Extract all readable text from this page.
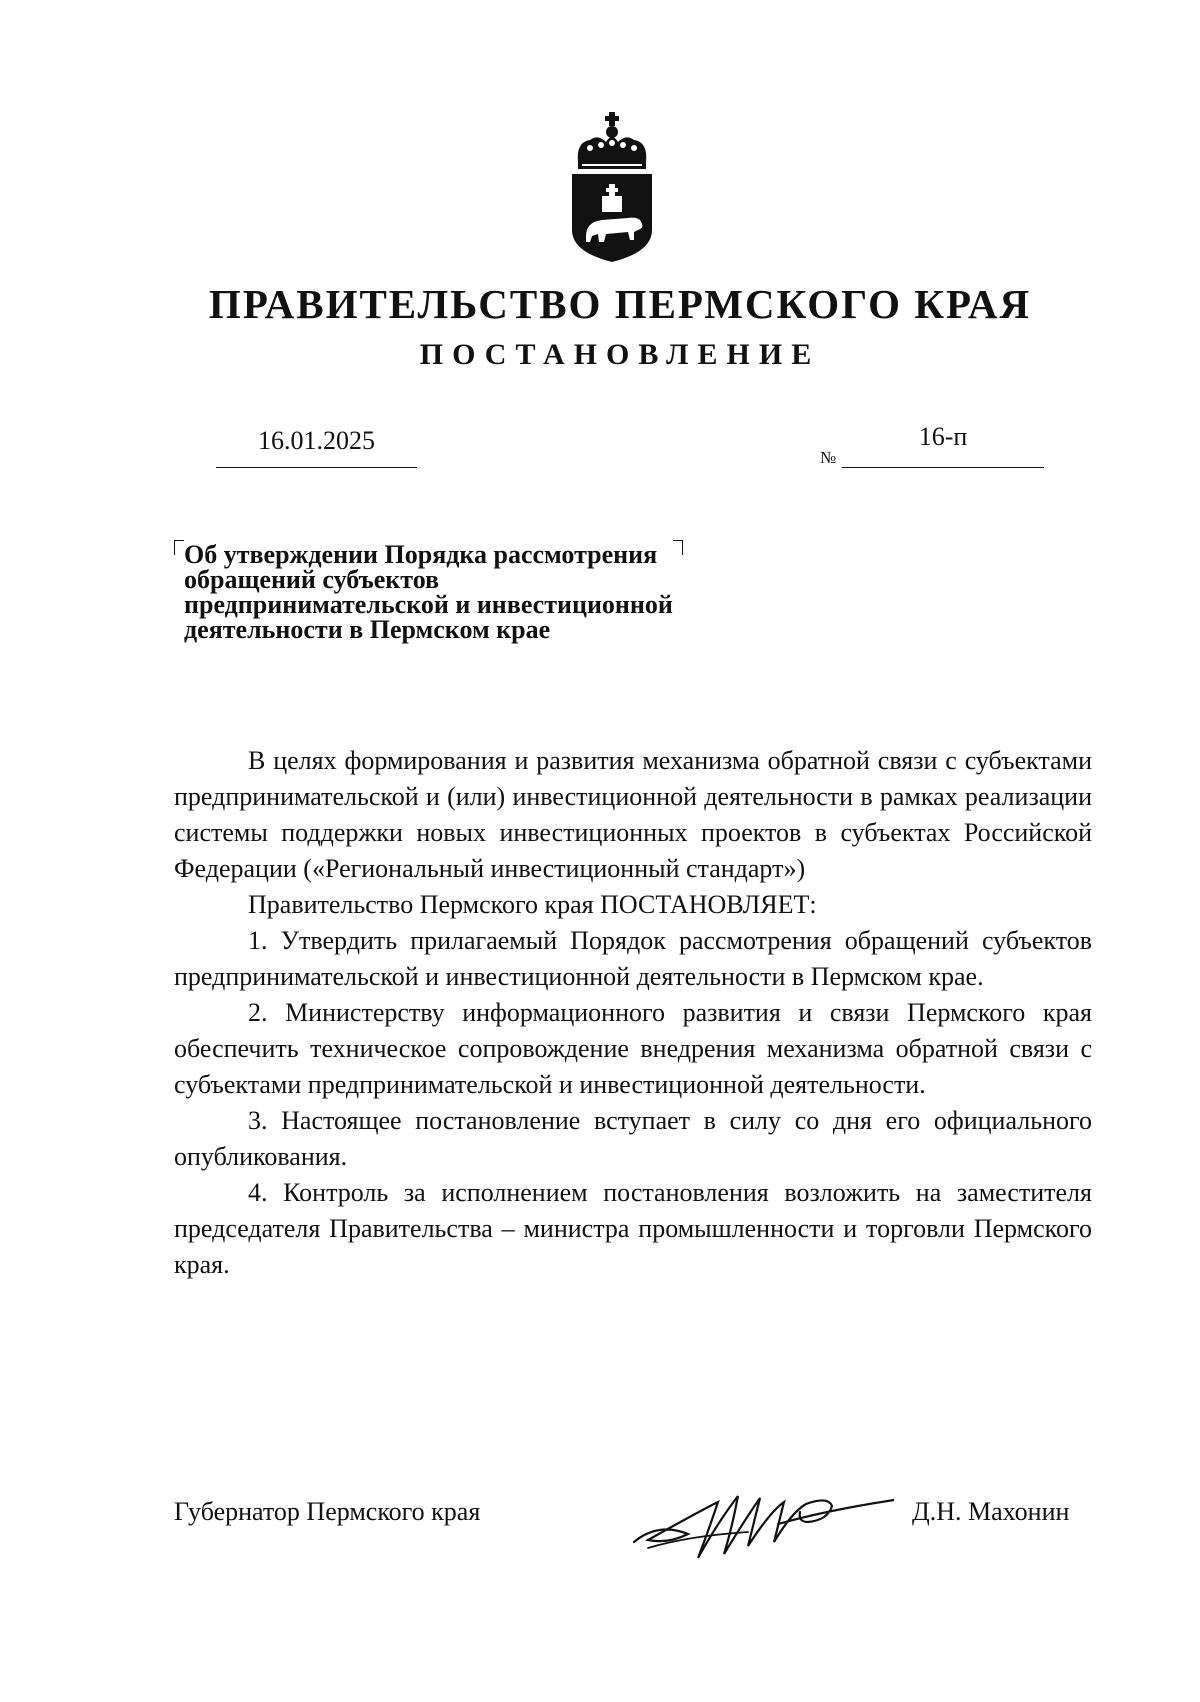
ПРАВИТЕЛЬСТВО ПЕРМСКОГО КРАЯ
ПОСТАНОВЛЕНИЕ
16.01.2025
№
16-п
Об утверждении Порядка рассмотрения
обращений субъектов
предпринимательской и инвестиционной
деятельности в Пермском крае

В целях формирования и развития механизма обратной связи с субъектами предпринимательской и (или) инвестиционной деятельности в рамках реализации системы поддержки новых инвестиционных проектов в субъектах Российской Федерации («Региональный инвестиционный стандарт»)

Правительство Пермского края ПОСТАНОВЛЯЕТ:

1. Утвердить прилагаемый Порядок рассмотрения обращений субъектов предпринимательской и инвестиционной деятельности в Пермском крае.

2. Министерству информационного развития и связи Пермского края обеспечить техническое сопровождение внедрения механизма обратной связи с субъектами предпринимательской и инвестиционной деятельности.

3. Настоящее постановление вступает в силу со дня его официального опубликования.

4. Контроль за исполнением постановления возложить на заместителя председателя Правительства – министра промышленности и торговли Пермского края.

Губернатор Пермского края	Д.Н. Махонин
